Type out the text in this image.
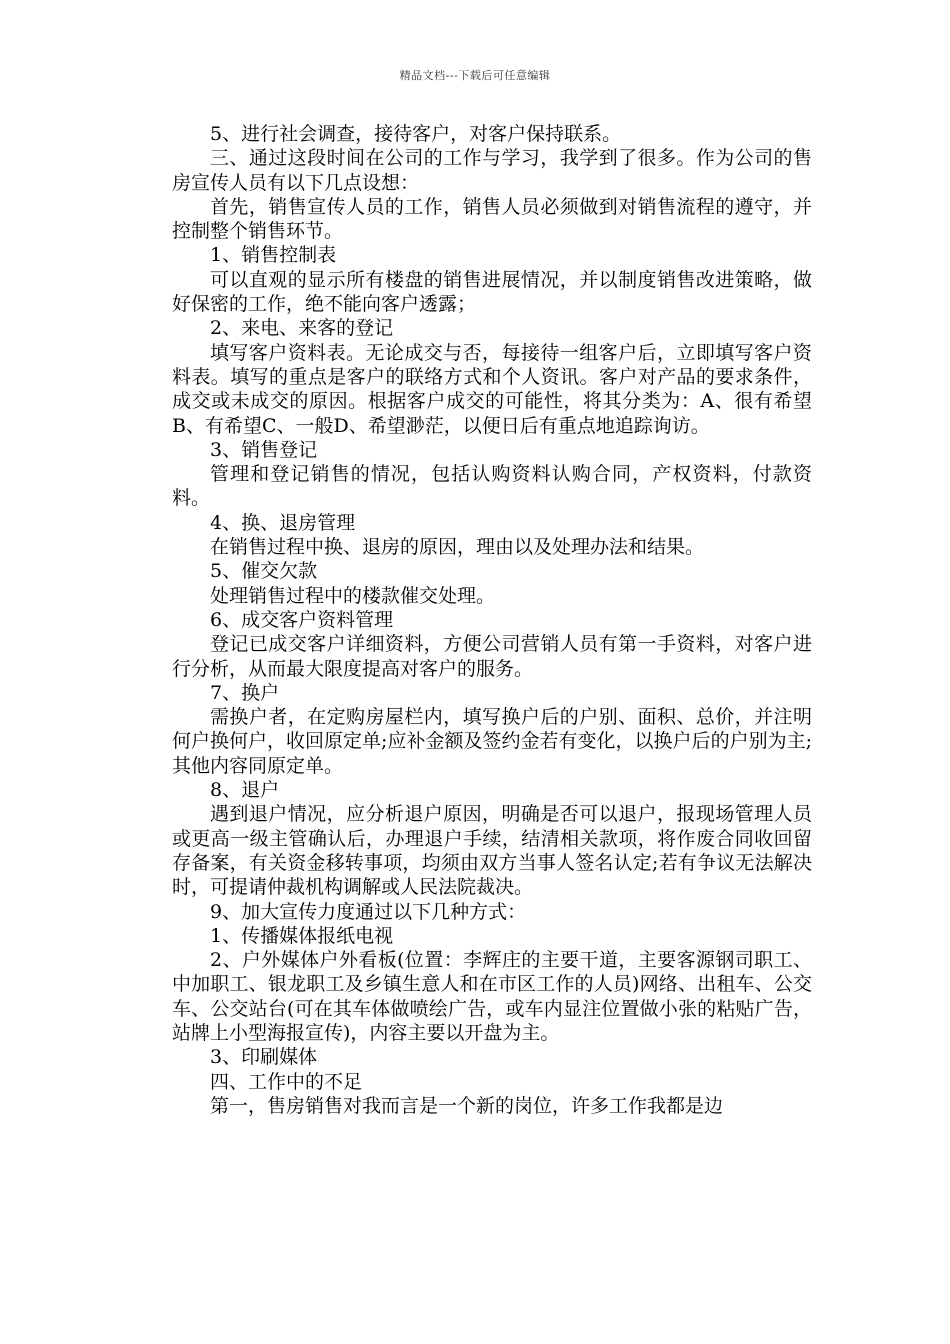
精品文档---下载后可任意编辑

5、进行社会调查，接待客户，对客户保持联系。

三、通过这段时间在公司的工作与学习，我学到了很多。作为公司的售房宣传人员有以下几点设想：

首先，销售宣传人员的工作，销售人员必须做到对销售流程的遵守，并控制整个销售环节。

1、销售控制表

可以直观的显示所有楼盘的销售进展情况，并以制度销售改进策略，做好保密的工作，绝不能向客户透露；

2、来电、来客的登记

填写客户资料表。无论成交与否，每接待一组客户后，立即填写客户资料表。填写的重点是客户的联络方式和个人资讯。客户对产品的要求条件，成交或未成交的原因。根据客户成交的可能性，将其分类为：A、很有希望B、有希望C、一般D、希望渺茫，以便日后有重点地追踪询访。

3、销售登记

管理和登记销售的情况，包括认购资料认购合同，产权资料，付款资料。

4、换、退房管理

在销售过程中换、退房的原因，理由以及处理办法和结果。

5、催交欠款

处理销售过程中的楼款催交处理。

6、成交客户资料管理

登记已成交客户详细资料，方便公司营销人员有第一手资料，对客户进行分析，从而最大限度提高对客户的服务。

7、换户

需换户者，在定购房屋栏内，填写换户后的户别、面积、总价，并注明何户换何户，收回原定单;应补金额及签约金若有变化，以换户后的户别为主;其他内容同原定单。

8、退户

遇到退户情况，应分析退户原因，明确是否可以退户，报现场管理人员或更高一级主管确认后，办理退户手续，结清相关款项，将作废合同收回留存备案，有关资金移转事项，均须由双方当事人签名认定;若有争议无法解决时，可提请仲裁机构调解或人民法院裁决。

9、加大宣传力度通过以下几种方式：

1、传播媒体报纸电视

2、户外媒体户外看板(位置：李辉庄的主要干道，主要客源钢司职工、中加职工、银龙职工及乡镇生意人和在市区工作的人员)网络、出租车、公交车、公交站台(可在其车体做喷绘广告，或车内显注位置做小张的粘贴广告，站牌上小型海报宣传)，内容主要以开盘为主。

3、印刷媒体

四、工作中的不足

第一，售房销售对我而言是一个新的岗位，许多工作我都是边
